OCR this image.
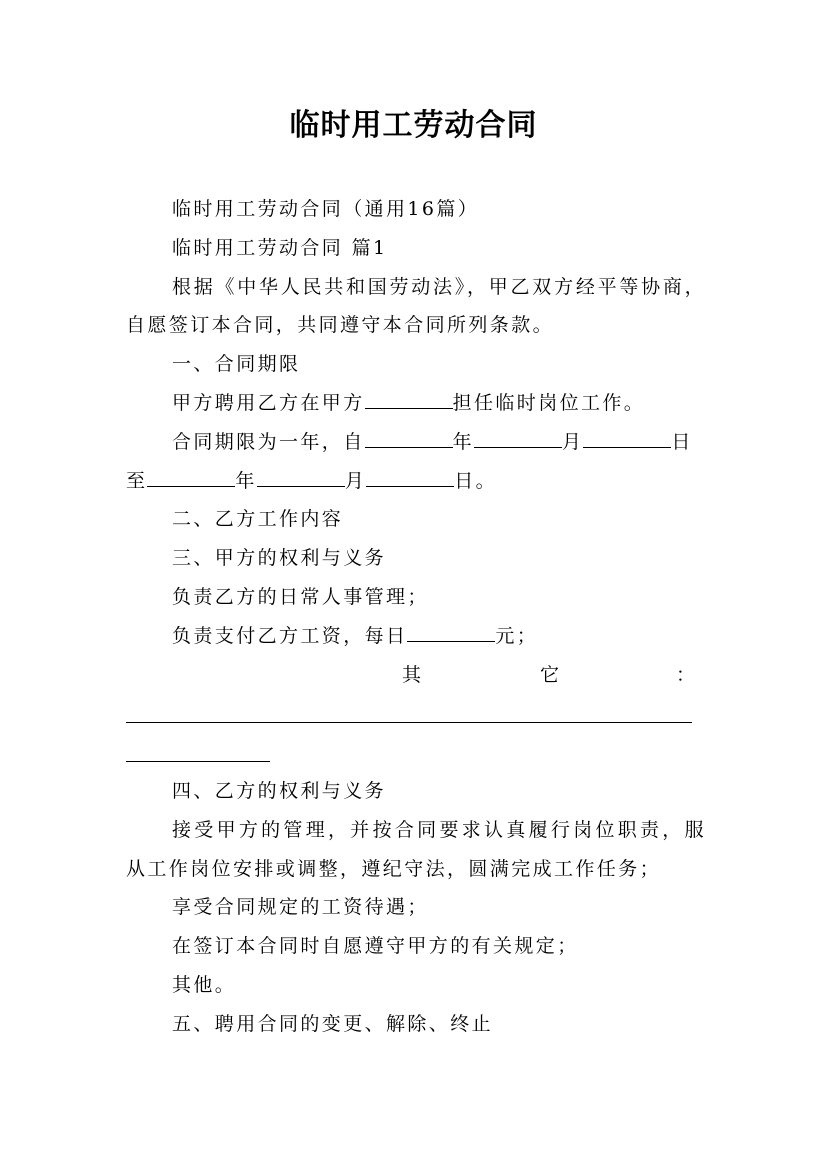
临时用工劳动合同

临时用工劳动合同（通用16篇）

临时用工劳动合同 篇1

根据《中华人民共和国劳动法》，甲乙双方经平等协商，自愿签订本合同，共同遵守本合同所列条款。

一、合同期限

甲方聘用乙方在甲方	担任临时岗位工作。

合同期限为一年，自	年	月	日

至	年	月	日。

二、乙方工作内容

三、甲方的权利与义务

负责乙方的日常人事管理；

负责支付乙方工资，每日	元；

其	它	：

四、乙方的权利与义务

接受甲方的管理，并按合同要求认真履行岗位职责，服从工作岗位安排或调整，遵纪守法，圆满完成工作任务；

享受合同规定的工资待遇；

在签订本合同时自愿遵守甲方的有关规定；

其他。

五、聘用合同的变更、解除、终止
